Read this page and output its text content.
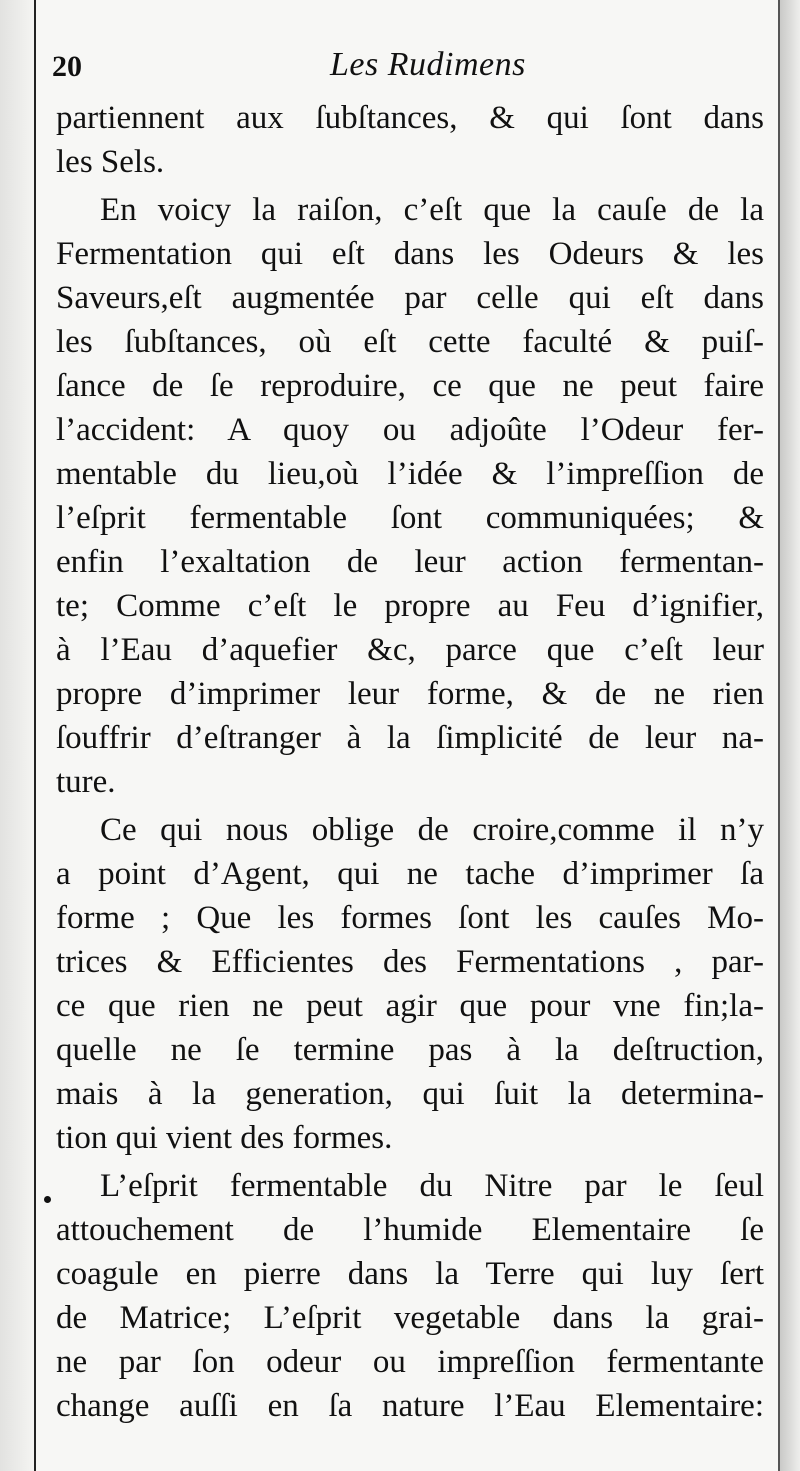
20	Les Rudimens
partiennent aux ſubſtances, & qui ſont dans
les Sels.
En voicy la raiſon, c’eſt que la cauſe de la
Fermentation qui eſt dans les Odeurs & les
Saveurs,eſt augmentée par celle qui eſt dans
les ſubſtances, où eſt cette faculté & puiſ-
ſance de ſe reproduire, ce que ne peut faire
l’accident: A quoy ou adjoûte l’Odeur fer-
mentable du lieu,où l’idée & l’impreſſion de
l’eſprit fermentable ſont communiquées; &
enfin l’exaltation de leur action fermentan-
te; Comme c’eſt le propre au Feu d’ignifier,
à l’Eau d’aquefier &c, parce que c’eſt leur
propre d’imprimer leur forme, & de ne rien
ſouffrir d’eſtranger à la ſimplicité de leur na-
ture.
Ce qui nous oblige de croire,comme il n’y
a point d’Agent, qui ne tache d’imprimer ſa
forme ; Que les formes ſont les cauſes Mo-
trices & Efficientes des Fermentations , par-
ce que rien ne peut agir que pour vne fin;la-
quelle ne ſe termine pas à la deſtruction,
mais à la generation, qui ſuit la determina-
tion qui vient des formes.
L’eſprit fermentable du Nitre par le ſeul
attouchement de l’humide Elementaire ſe
coagule en pierre dans la Terre qui luy ſert
de Matrice; L’eſprit vegetable dans la grai-
ne par ſon odeur ou impreſſion fermentante
change auſſi en ſa nature l’Eau Elementaire:
